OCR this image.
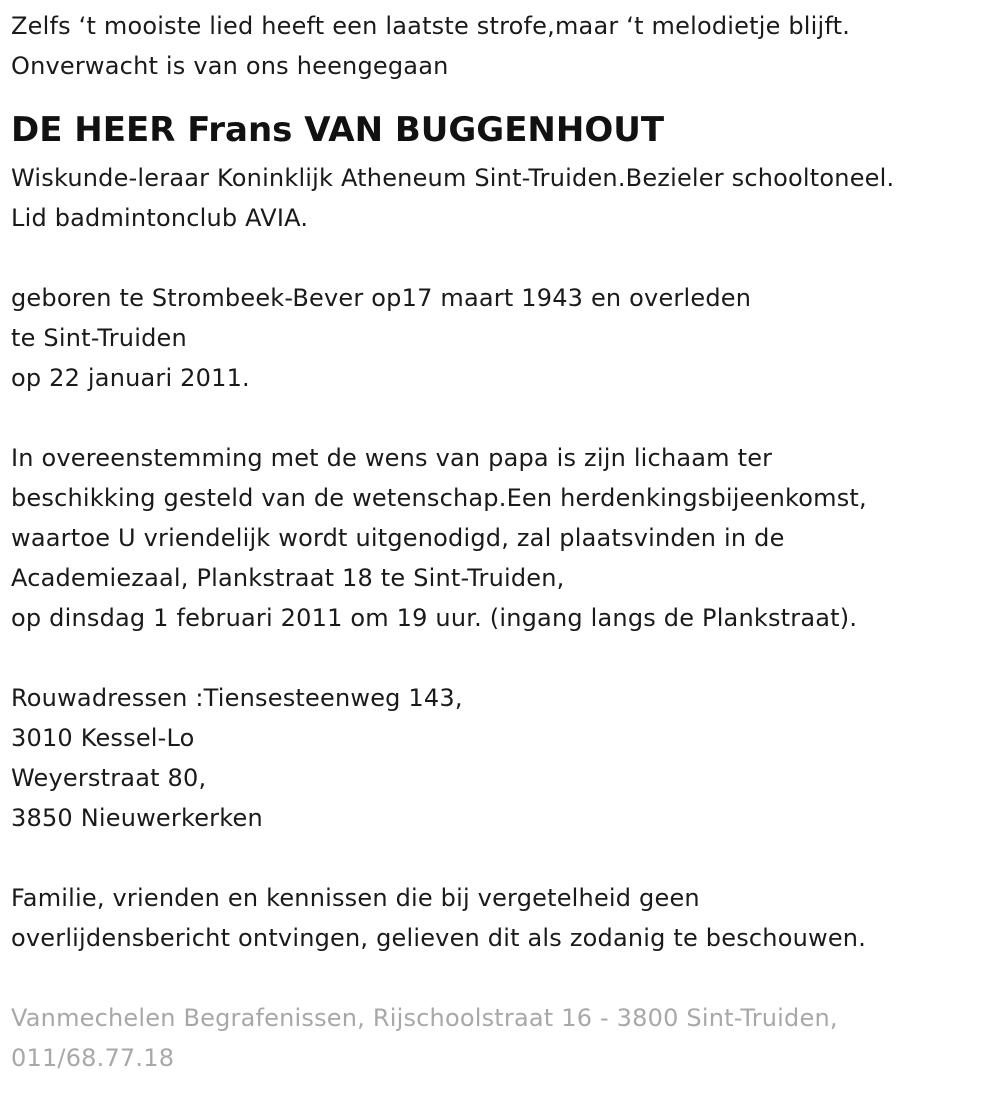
Zelfs ‘t mooiste lied heeft een laatste strofe,maar ‘t melodietje blijft.
Onverwacht is van ons heengegaan
DE HEER Frans VAN BUGGENHOUT
Wiskunde-leraar Koninklijk Atheneum Sint-Truiden.Bezieler schooltoneel.
Lid badmintonclub AVIA.
geboren te Strombeek-Bever op17 maart 1943 en overleden
te Sint-Truiden
op 22 januari 2011.
In overeenstemming met de wens van papa is zijn lichaam ter
beschikking gesteld van de wetenschap.Een herdenkingsbijeenkomst,
waartoe U vriendelijk wordt uitgenodigd, zal plaatsvinden in de
Academiezaal, Plankstraat 18 te Sint-Truiden,
op dinsdag 1 februari 2011 om 19 uur. (ingang langs de Plankstraat).
Rouwadressen :Tiensesteenweg 143,
3010 Kessel-Lo
Weyerstraat 80,
3850 Nieuwerkerken
Familie, vrienden en kennissen die bij vergetelheid geen
overlijdensbericht ontvingen, gelieven dit als zodanig te beschouwen.
Vanmechelen Begrafenissen, Rijschoolstraat 16 - 3800 Sint-Truiden,
011/68.77.18
